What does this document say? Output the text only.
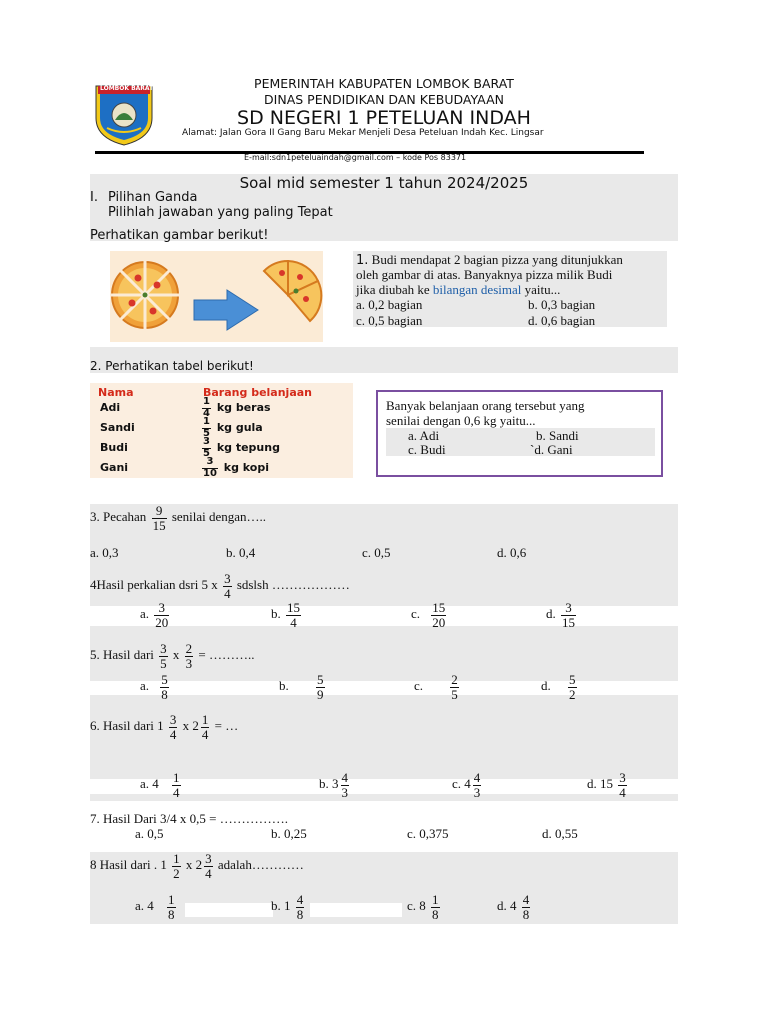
LOMBOK BARAT	PEMERINTAH KABUPATEN LOMBOK BARAT
DINAS PENDIDIKAN DAN KEBUDAYAAN
SD NEGERI 1 PETELUAN INDAH
Alamat: Jalan Gora II Gang Baru Mekar Menjeli Desa Peteluan Indah Kec. Lingsar
E-mail:sdn1peteluaindah@gmail.com – kode Pos 83371
Soal mid semester 1 tahun 2024/2025
I. Pilihan Ganda
Pilihlah jawaban yang paling Tepat
Perhatikan gambar berikut!
1. Budi mendapat 2 bagian pizza yang ditunjukkan
oleh gambar di atas. Banyaknya pizza milik Budi
jika diubah ke bilangan desimal yaitu...
a. 0,2 bagian	b. 0,3 bagian
c. 0,5 bagian	d. 0,6 bagian
2. Perhatikan tabel berikut!
Nama	Barang belanjaan
Adi	$\frac{1}{4}$ kg beras
Sandi	$\frac{1}{5}$ kg gula
Budi	$\frac{3}{5}$ kg tepung
Gani	$\frac{3}{10}$ kg kopi
Banyak belanjaan orang tersebut yang
senilai dengan 0,6 kg yaitu...
a. Adi	b. Sandi
c. Budi	`d. Gani
3. Pecahan $\frac{9}{15}$ senilai dengan…..
a. 0,3	b. 0,4	c. 0,5	d. 0,6
4Hasil perkalian dsri 5 x $\frac{3}{4}$ sdslsh ………………
a. $\frac{3}{20}$	b. $\frac{15}{4}$	c. $\frac{15}{20}$	d. $\frac{3}{15}$
5. Hasil dari $\frac{3}{5}$ x $\frac{2}{3}$ = ………..
a. $\frac{5}{8}$	b. $\frac{5}{9}$	c. $\frac{2}{5}$	d. $\frac{5}{2}$
6. Hasil dari $1 \frac{3}{4}$ x $2 \frac{1}{4}$ = …
a. $4 \frac{1}{4}$	b. $3 \frac{4}{3}$	c. $4 \frac{4}{3}$	d. $15 \frac{3}{4}$
7. Hasil Dari 3/4 x 0,5 = …………….
a. 0,5	b. 0,25	c. 0,375	d. 0,55
8 Hasil dari . $1 \frac{1}{2}$ x $2 \frac{3}{4}$ adalah…………
a. $4 \frac{1}{8}$	b. $1 \frac{4}{8}$	c. $8 \frac{1}{8}$	d. $4 \frac{4}{8}$
